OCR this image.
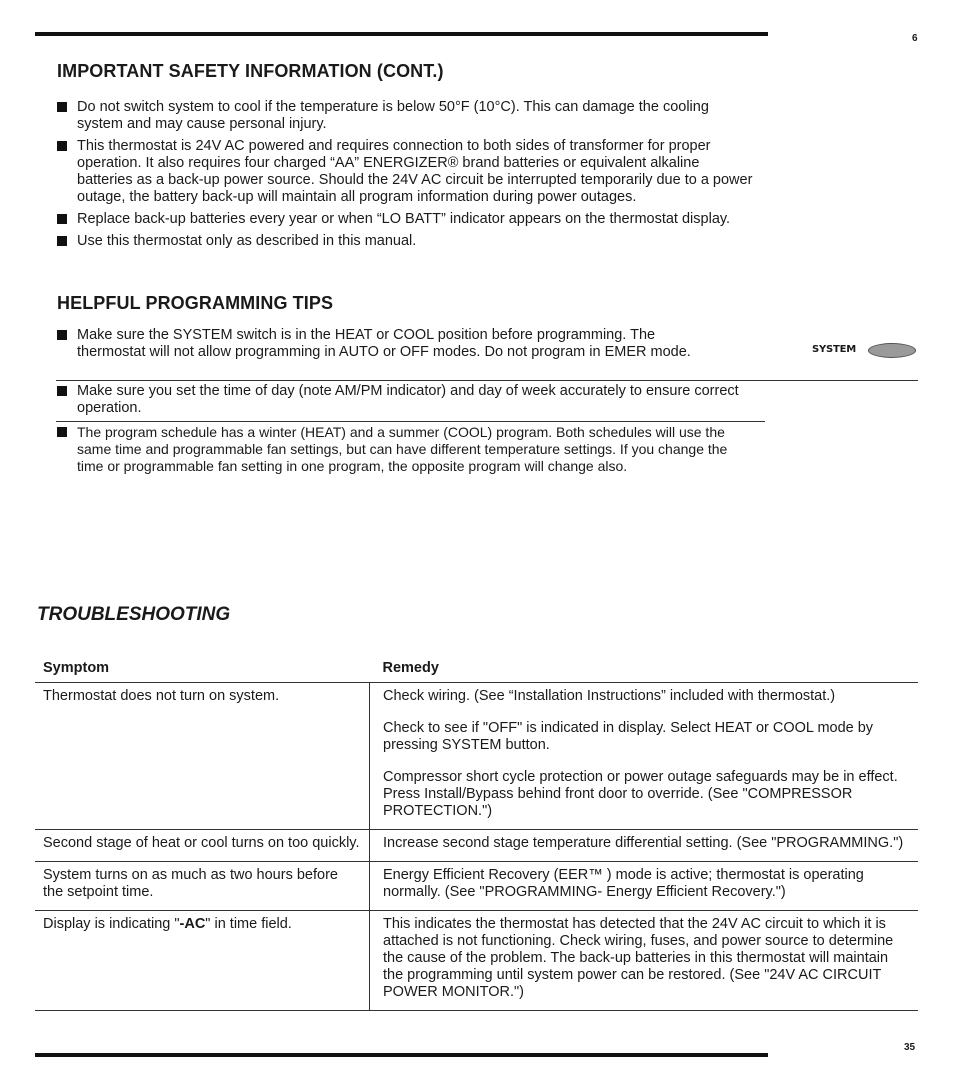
6
IMPORTANT SAFETY INFORMATION (CONT.)
Do not switch system to cool if the temperature is below 50°F (10°C). This can damage the cooling system and may cause personal injury.
This thermostat is 24V AC powered and requires connection to both sides of transformer for proper operation. It also requires four charged “AA” ENERGIZER® brand batteries or equivalent alkaline batteries as a back-up power source. Should the 24V AC circuit be interrupted temporarily due to a power outage, the battery back-up will maintain all program information during power outages.
Replace back-up batteries every year or when “LO BATT” indicator appears on the thermostat display.
Use this thermostat only as described in this manual.
HELPFUL PROGRAMMING TIPS
Make sure the SYSTEM switch is in the HEAT or COOL position before programming. The thermostat will not allow programming in AUTO or OFF modes. Do not program in EMER mode.	SYSTEM
Make sure you set the time of day (note AM/PM indicator) and day of week accurately to ensure correct operation.
The program schedule has a winter (HEAT) and a summer (COOL) program. Both schedules will use the same time and programmable fan settings, but can have different temperature settings. If you change the time or programmable fan setting in one program, the opposite program will change also.
TROUBLESHOOTING
Symptom	Remedy
Thermostat does not turn on system.	Check wiring. (See “Installation Instructions” included with thermostat.)

Check to see if "OFF" is indicated in display. Select HEAT or COOL mode by pressing SYSTEM button.

Compressor short cycle protection or power outage safeguards may be in effect. Press Install/Bypass behind front door to override. (See "COMPRESSOR PROTECTION.")

Second stage of heat or cool turns on too quickly.	Increase second stage temperature differential setting. (See "PROGRAMMING.")

System turns on as much as two hours before the setpoint time.	Energy Efficient Recovery (EER™ ) mode is active; thermostat is operating normally. (See "PROGRAMMING- Energy Efficient Recovery.")

Display is indicating "-AC" in time field.	This indicates the thermostat has detected that the 24V AC circuit to which it is attached is not functioning. Check wiring, fuses, and power source to determine the cause of the problem. The back-up batteries in this thermostat will maintain the programming until system power can be restored. (See "24V AC CIRCUIT POWER MONITOR.")

35
